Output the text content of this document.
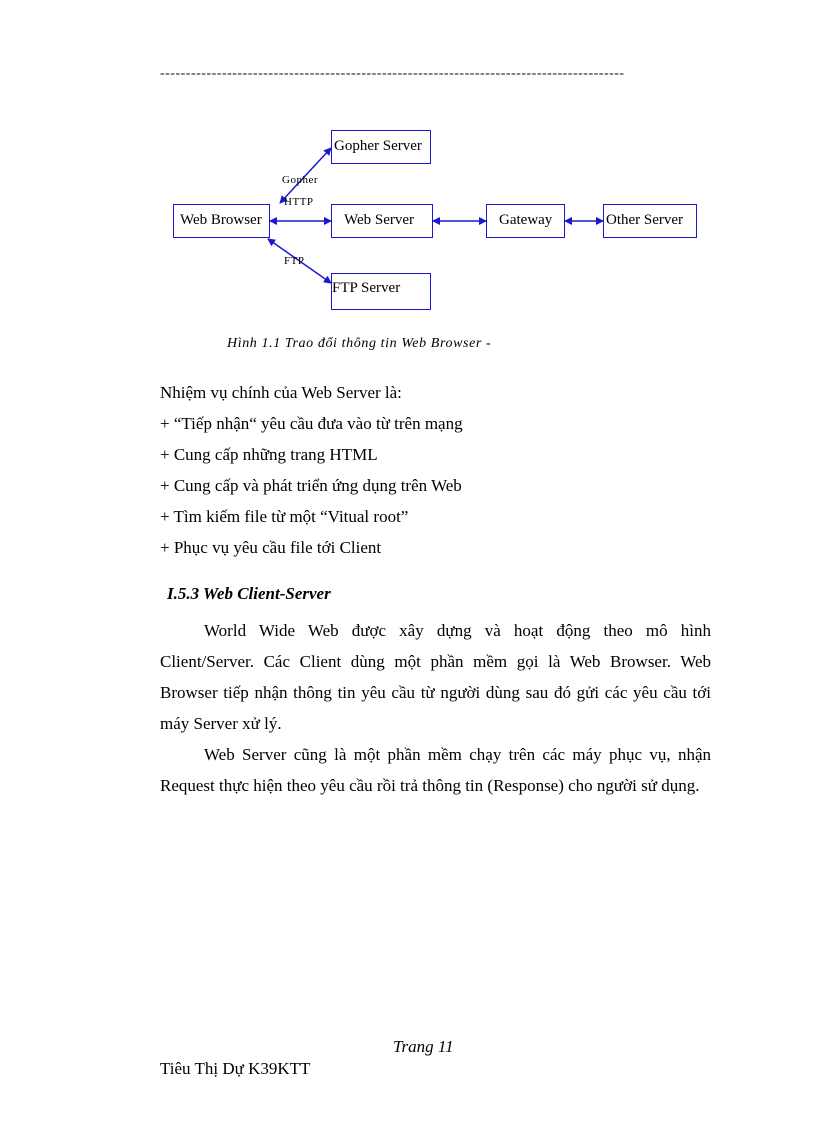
------------------------------------------------------------------------------------------
Gopher Server
Web Browser	Web Server	Gateway	Other Server
FTP Server
Gopher
HTTP
FTP
Hình 1.1 Trao đổi thông tin Web Browser -
Nhiệm vụ chính của Web Server là:
+ “Tiếp nhận“ yêu cầu đưa vào từ trên mạng
+ Cung cấp những trang HTML
+ Cung cấp và phát triển ứng dụng trên Web
+ Tìm kiếm file từ một “Vitual root”
+ Phục vụ yêu cầu file tới Client
I.5.3 Web Client-Server
World Wide Web được xây dựng và hoạt động theo mô hình Client/Server. Các Client dùng một phần mềm gọi là Web Browser. Web Browser tiếp nhận thông tin yêu cầu từ người dùng sau đó gửi các yêu cầu tới máy Server xử lý.
Web Server cũng là một phần mềm chạy trên các máy phục vụ, nhận Request thực hiện theo yêu cầu rồi trả thông tin (Response) cho người sử dụng.
Trang 11
Tiêu Thị Dự K39KTT
